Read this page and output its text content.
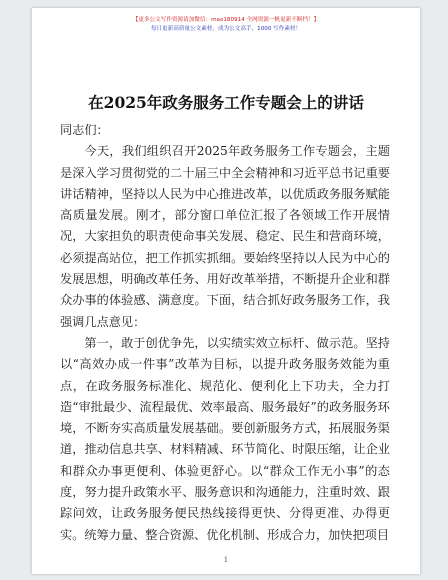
【更多公文写作资源请加微信：mao180914 全网资源一帆更新不断档！】
每日更新高质量公文素材，成为公文高手，1000 写作素材！
在2025年政务服务工作专题会上的讲话

同志们：

今天，我们组织召开2025年政务服务工作专题会，主题是深入学习贯彻党的二十届三中全会精神和习近平总书记重要讲话精神，坚持以人民为中心推进改革，以优质政务服务赋能高质量发展。刚才，部分窗口单位汇报了各领域工作开展情况，大家担负的职责使命事关发展、稳定、民生和营商环境，必须提高站位，把工作抓实抓细。要始终坚持以人民为中心的发展思想，明确改革任务、用好改革举措，不断提升企业和群众办事的体验感、满意度。下面，结合抓好政务服务工作，我强调几点意见：

第一，敢于创优争先，以实绩实效立标杆、做示范。坚持以“高效办成一件事”改革为目标，以提升政务服务效能为重点，在政务服务标准化、规范化、便利化上下功夫，全力打造“审批最少、流程最优、效率最高、服务最好”的政务服务环境，不断夯实高质量发展基础。要创新服务方式，拓展服务渠道，推动信息共享、材料精减、环节简化、时限压缩，让企业和群众办事更便利、体验更舒心。以“群众工作无小事”的态度，努力提升政策水平、服务意识和沟通能力，注重时效、跟踪问效，让政务服务便民热线接得更快、分得更准、办得更实。统筹力量、整合资源、优化机制、形成合力，加快把项目

1
